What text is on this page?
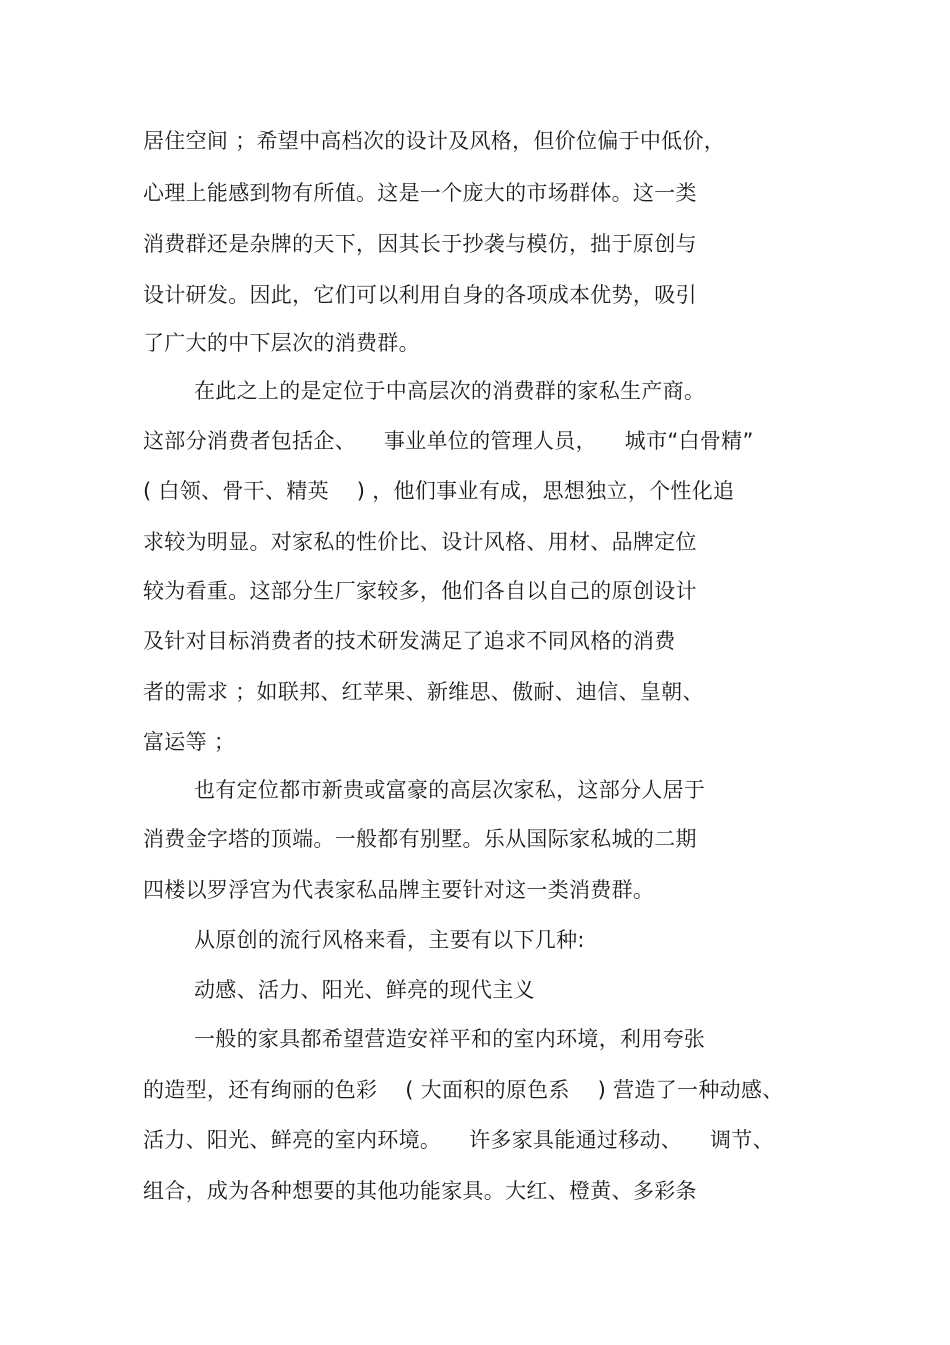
居住空间 ；希望中高档次的设计及风格，但价位偏于中低价，
心理上能感到物有所值。这是一个庞大的市场群体。这一类
消费群还是杂牌的天下，因其长于抄袭与模仿，拙于原创与
设计研发。因此，它们可以利用自身的各项成本优势，吸引
了广大的中下层次的消费群。
在此之上的是定位于中高层次的消费群的家私生产商。
这部分消费者包括企、    事业单位的管理人员，    城市“白骨精”
( 白领、骨干、精英    ) ，他们事业有成，思想独立，个性化追
求较为明显。对家私的性价比、设计风格、用材、品牌定位
较为看重。这部分生厂家较多，他们各自以自己的原创设计
及针对目标消费者的技术研发满足了追求不同风格的消费
者的需求 ；如联邦、红苹果、新维思、傲耐、迪信、皇朝、
富运等 ；
也有定位都市新贵或富豪的高层次家私，这部分人居于
消费金字塔的顶端。一般都有别墅。乐从国际家私城的二期
四楼以罗浮宫为代表家私品牌主要针对这一类消费群。
从原创的流行风格来看，主要有以下几种:
动感、活力、阳光、鲜亮的现代主义
一般的家具都希望营造安祥平和的室内环境，利用夸张
的造型，还有绚丽的色彩    ( 大面积的原色系    ) 营造了一种动感、
活力、阳光、鲜亮的室内环境。    许多家具能通过移动、    调节、
组合，成为各种想要的其他功能家具。大红、橙黄、多彩条
